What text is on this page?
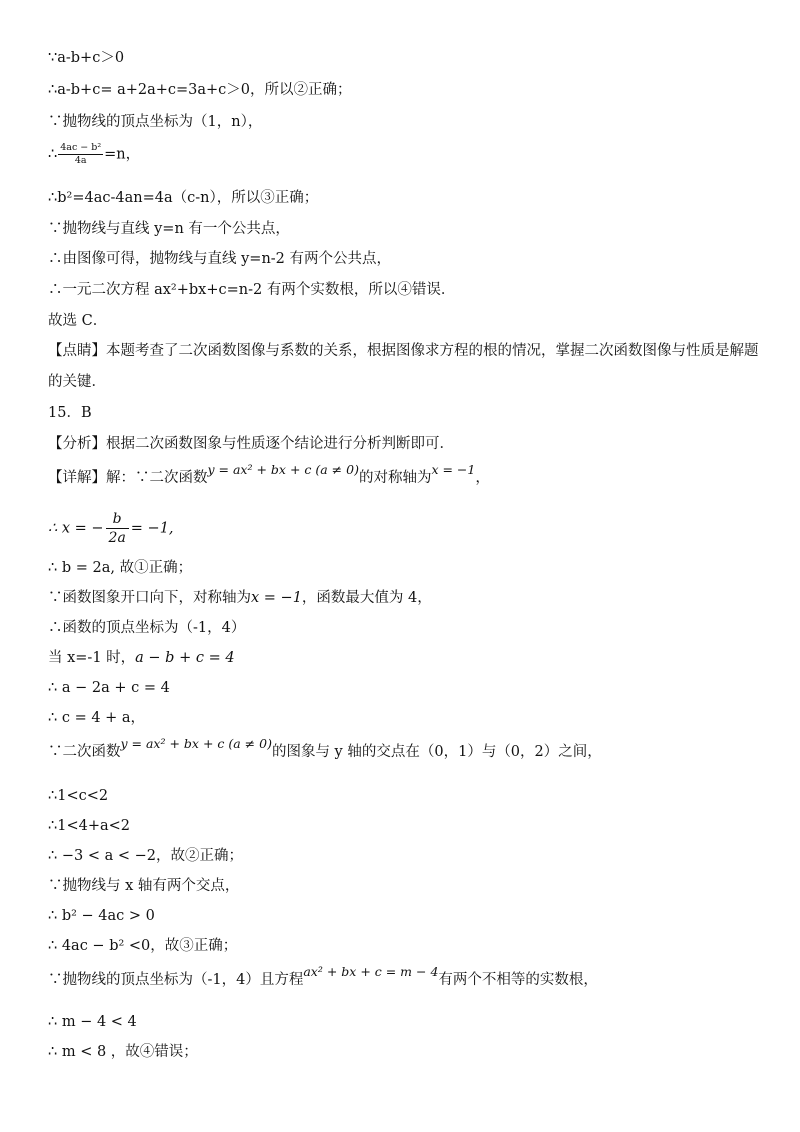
∵a-b+c＞0
∴a-b+c= a+2a+c=3a+c＞0，所以②正确；
∵抛物线的顶点坐标为（1，n），
∴ $\frac{\text{4ac − b²}}{4a} =n$，
∴b²=4ac-4an=4a（c-n），所以③正确；
∵抛物线与直线 y=n 有一个公共点，
∴由图像可得，抛物线与直线 y=n-2 有两个公共点，
∴一元二次方程 ax²+bx+c=n-2 有两个实数根，所以④错误．
故选 C．
【点睛】本题考查了二次函数图像与系数的关系，根据图像求方程的根的情况，掌握二次函数图像与性质是解题
的关键．
15．B
【分析】根据二次函数图象与性质逐个结论进行分析判断即可．
【详解】解：∵二次函数y = ax² + bx + c (a ≠ 0)的对称轴为x = −1，
∴ x = − $\frac{b}{2a} = -1$,
∴ b = 2a, 故①正确；
∵函数图象开口向下，对称轴为x = −1，函数最大值为 4，
∴函数的顶点坐标为（-1，4）
当 x=-1 时，a − b + c = 4
∴ a − 2a + c = 4
∴ c = 4 + a，
∵二次函数y = ax² + bx + c (a ≠ 0)的图象与 y 轴的交点在（0，1）与（0，2）之间，
∴1<c<2
∴1<4+a<2
∴ −3 < a < −2，故②正确；
∵抛物线与 x 轴有两个交点，
∴ b² − 4ac > 0
∴ 4ac − b² <0，故③正确；
∵抛物线的顶点坐标为（-1，4）且方程ax² + bx + c = m − 4有两个不相等的实数根，
∴ m − 4 < 4
∴ m < 8 ，故④错误；
